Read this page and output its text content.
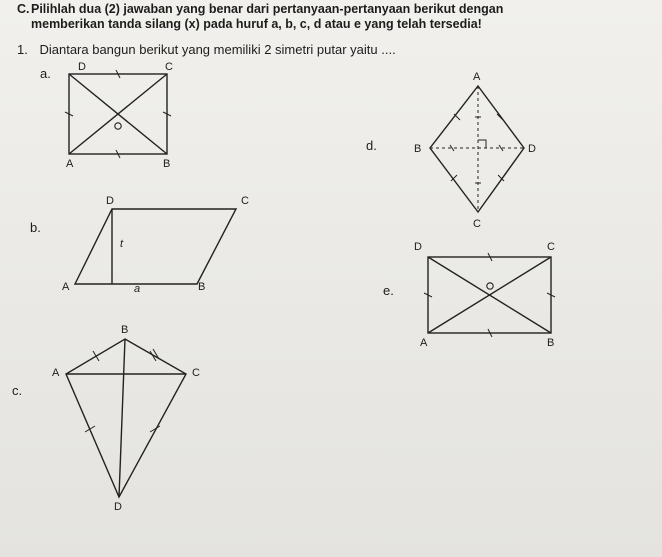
C. Pilihlah dua (2) jawaban yang benar dari pertanyaan-pertanyaan berikut dengan
memberikan tanda silang (x) pada huruf a, b, c, d atau e yang telah tersedia!
1. Diantara bangun berikut yang memiliki 2 simetri putar yaitu ....
a.
b.
c.
d.
e.
D	C
A	B
D	C
A	B
t
a
B
A	C
D
A
B	D
C
D	C
A	B
